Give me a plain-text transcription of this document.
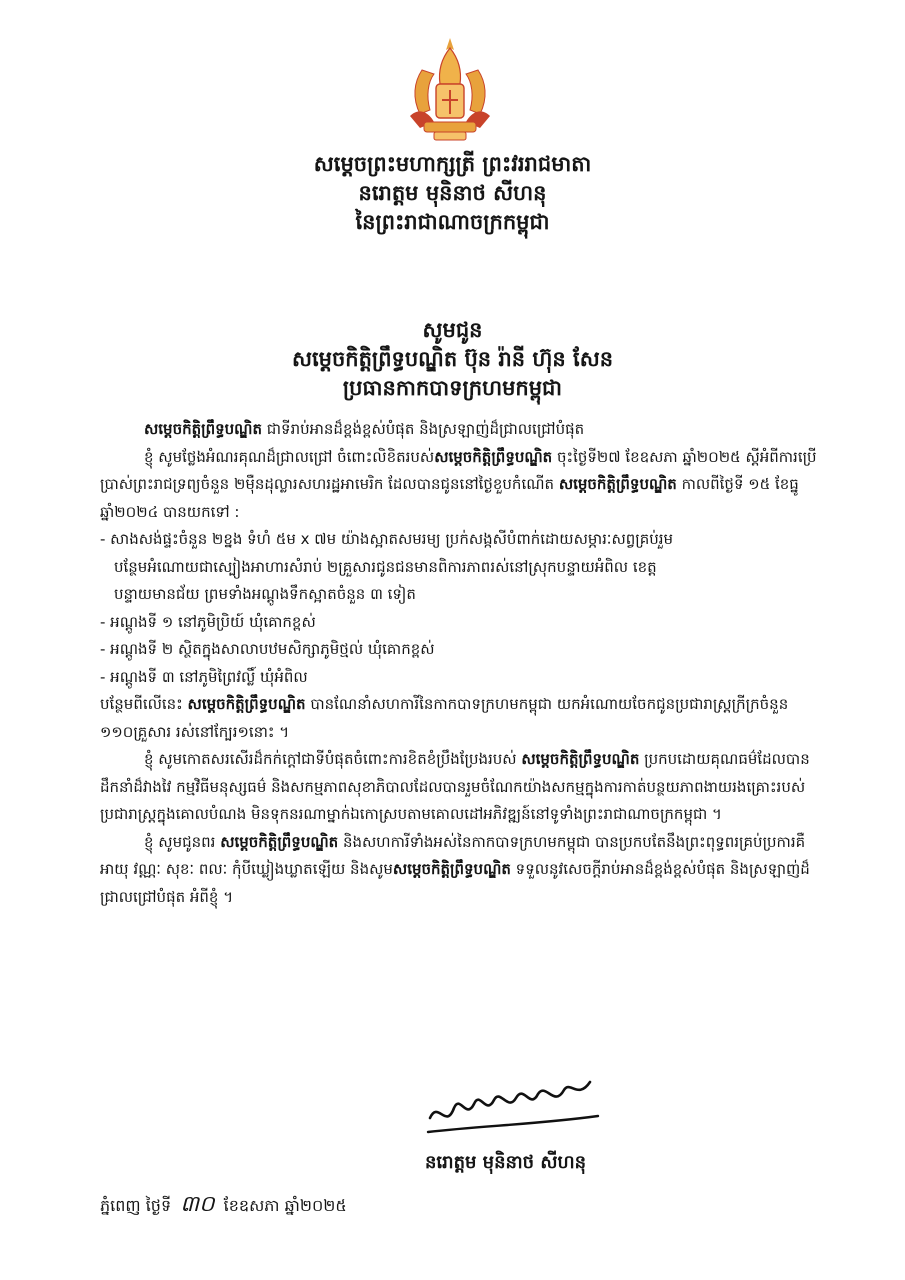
សម្តេចព្រះមហាក្សត្រី ព្រះវររាជមាតា
នរោត្តម មុនិនាថ សីហនុ
នៃព្រះរាជាណាចក្រកម្ពុជា
សូមជូន
សម្តេចកិត្តិព្រឹទ្ធបណ្ឌិត ប៊ុន រ៉ានី ហ៊ុន សែន
ប្រធានកាកបាទក្រហមកម្ពុជា

សម្តេចកិត្តិព្រឹទ្ធបណ្ឌិត ជាទីរាប់អានដ៏ខ្ពង់ខ្ពស់បំផុត និងស្រឡាញ់ដ៏ជ្រាលជ្រៅបំផុត

ខ្ញុំ សូមថ្លែងអំណរគុណដ៏ជ្រាលជ្រៅ ចំពោះលិខិតរបស់សម្តេចកិត្តិព្រឹទ្ធបណ្ឌិត ចុះថ្ងៃទី២៧ ខែឧសភា ឆ្នាំ២០២៥ ស្តីអំពីការប្រើប្រាស់ព្រះរាជទ្រព្យចំនួន ២ម៉ឺនដុល្លារសហរដ្ឋអាមេរិក ដែលបានជូននៅថ្ងៃខួបកំណើត សម្តេចកិត្តិព្រឹទ្ធបណ្ឌិត កាលពីថ្ងៃទី ១៥ ខែធ្នូ ឆ្នាំ២០២៤ បានយកទៅ :

- សាងសង់ផ្ទះចំនួន ២ខ្នង ទំហំ ៥ម x ៧ម យ៉ាងស្អាតសមរម្យ ប្រក់សង្កសីបំពាក់ដោយសម្ភារៈសព្វគ្រប់រួម

បន្ថែមអំណោយជាស្បៀងអាហារសំរាប់ ២គ្រួសារជូនជនមានពិការភាពរស់នៅស្រុកបន្ទាយអំពិល ខេត្ត

បន្ទាយមានជ័យ ព្រមទាំងអណ្តូងទឹកស្អាតចំនួន ៣ ទៀត

- អណ្តូងទី ១ នៅភូមិប្រិយ៍ ឃុំគោកខ្ពស់

- អណ្តូងទី ២ ស្ថិតក្នុងសាលាបឋមសិក្សាភូមិថ្មល់ ឃុំគោកខ្ពស់

- អណ្តូងទី ៣ នៅភូមិព្រៃវល្លិ៍ ឃុំអំពិល

បន្ថែមពីលើនេះ សម្តេចកិត្តិព្រឹទ្ធបណ្ឌិត បានណែនាំសហការីនៃកាកបាទក្រហមកម្ពុជា យកអំណោយចែកជូនប្រជារាស្ត្រក្រីក្រចំនួន ១១០គ្រួសារ រស់នៅក្បែរ១នោះ ។

ខ្ញុំ សូមកោតសរសើរដ៏កក់ក្តៅជាទីបំផុតចំពោះការខិតខំប្រឹងប្រែងរបស់ សម្តេចកិត្តិព្រឹទ្ធបណ្ឌិត ប្រកបដោយគុណធម៌ដែលបានដឹកនាំដ៏វាងវៃ កម្មវិធីមនុស្សធម៌ និងសកម្មភាពសុខាភិបាលដែលបានរួមចំណែកយ៉ាងសកម្មក្នុងការកាត់បន្ថយភាពងាយរងគ្រោះរបស់ប្រជារាស្ត្រក្នុងគោលបំណង មិនទុកនរណាម្នាក់ឯកោស្របតាមគោលដៅអភិវឌ្ឍន៍នៅទូទាំងព្រះរាជាណាចក្រកម្ពុជា ។

ខ្ញុំ សូមជូនពរ សម្តេចកិត្តិព្រឹទ្ធបណ្ឌិត និងសហការីទាំងអស់នៃកាកបាទក្រហមកម្ពុជា បានប្រកបតែនឹងព្រះពុទ្ធពរគ្រប់ប្រការគឺ អាយុ វណ្ណៈ សុខៈ ពលៈ កុំបីឃ្លៀងឃ្លាតឡើយ និងសូមសម្តេចកិត្តិព្រឹទ្ធបណ្ឌិត ទទួលនូវសេចក្តីរាប់អានដ៏ខ្ពង់ខ្ពស់បំផុត និងស្រឡាញ់ដ៏ជ្រាលជ្រៅបំផុត អំពីខ្ញុំ ។

នរោត្តម មុនិនាថ សីហនុ
ភ្នំពេញ ថ្ងៃទី ៣០ ខែឧសភា ឆ្នាំ២០២៥
